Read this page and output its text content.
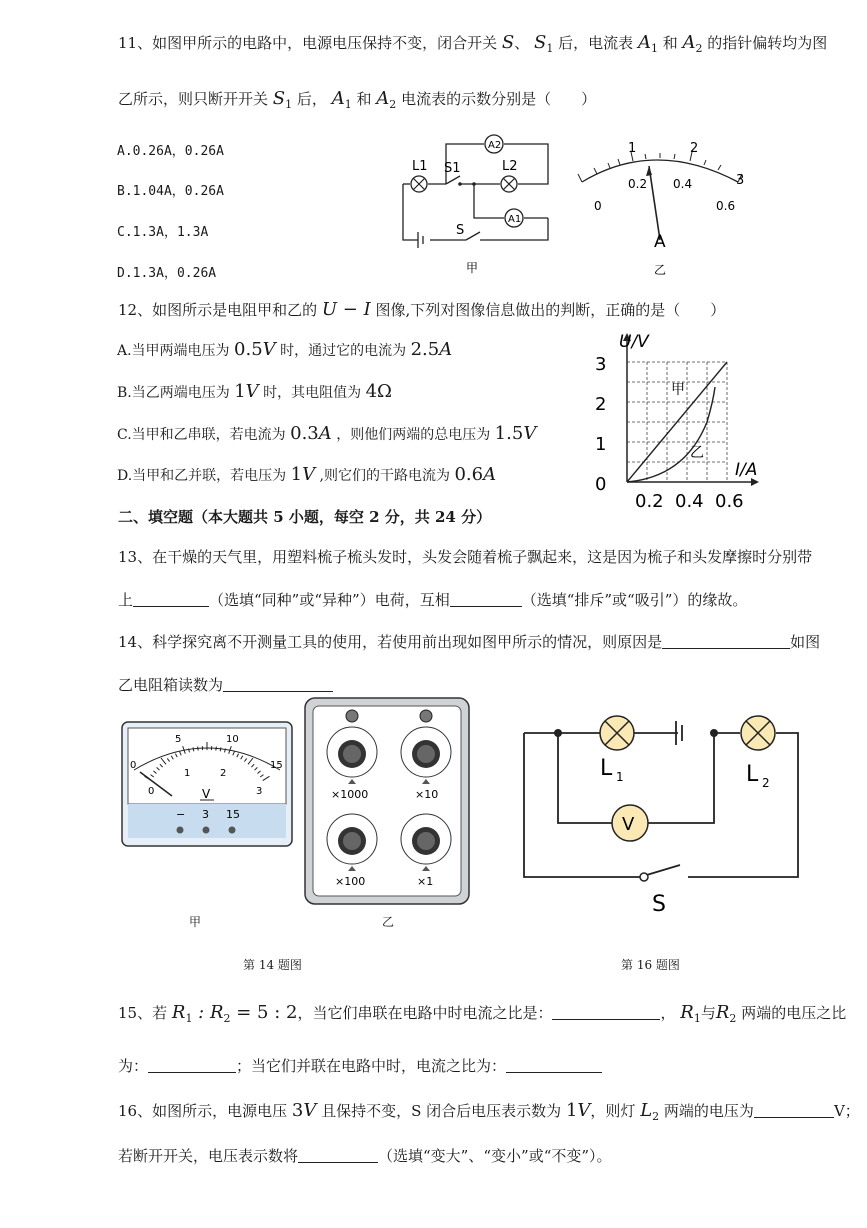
11、如图甲所示的电路中，电源电压保持不变，闭合开关 S、 $S_1$ 后，电流表 $A_1$ 和 $A_2$ 的指针偏转均为图
乙所示，则只断开开关 $S_1$ 后， $A_1$ 和 $A_2$ 电流表的示数分别是（　　）
A.0.26A，0.26A
B.1.04A，0.26A
C.1.3A，1.3A
D.1.3A，0.26A
A2
A1
L1 S1	L2
S
甲
1	2
3
0
0.2 0.4
0.6
A
乙
12、如图所示是电阻甲和乙的 U − I 图像,下列对图像信息做出的判断，正确的是（　　）
A.当甲两端电压为 0.5V 时，通过它的电流为 2.5A
B.当乙两端电压为 1V 时，其电阻值为 4Ω
C.当甲和乙串联，若电流为 0.3A ，则他们两端的总电压为 1.5V
D.当甲和乙并联，若电压为 1V ,则它们的干路电流为 0.6A
U/V
I/A
3
2
1
0
0.2 0.4 0.6
甲
乙
二、填空题（本大题共 5 小题，每空 2 分，共 24 分）
13、在干燥的天气里，用塑料梳子梳头发时，头发会随着梳子飘起来，这是因为梳子和头发摩擦时分别带
上	（选填“同种”或“异种”）电荷，互相	（选填“排斥”或“吸引”）的缘故。
14、科学探究离不开测量工具的使用，若使用前出现如图甲所示的情况，则原因是	如图
乙电阻箱读数为
0
5	10
15
0
1	2
3
V
− 3 15
×1000	×10
×100	×1
甲	乙
第 14 题图
V
L 1	L 2
S
第 16 题图
15、若 $R_1$ : $R_2 = 5$ : 2，当它们串联在电路中时电流之比是：	， $R_1$与$R_2$ 两端的电压之比
为：	；当它们并联在电路中时，电流之比为：
16、如图所示，电源电压 3V 且保持不变，S 闭合后电压表示数为 1V，则灯 $L_2$ 两端的电压为	V；
若断开开关，电压表示数将	（选填“变大”、“变小”或“不变”）。
